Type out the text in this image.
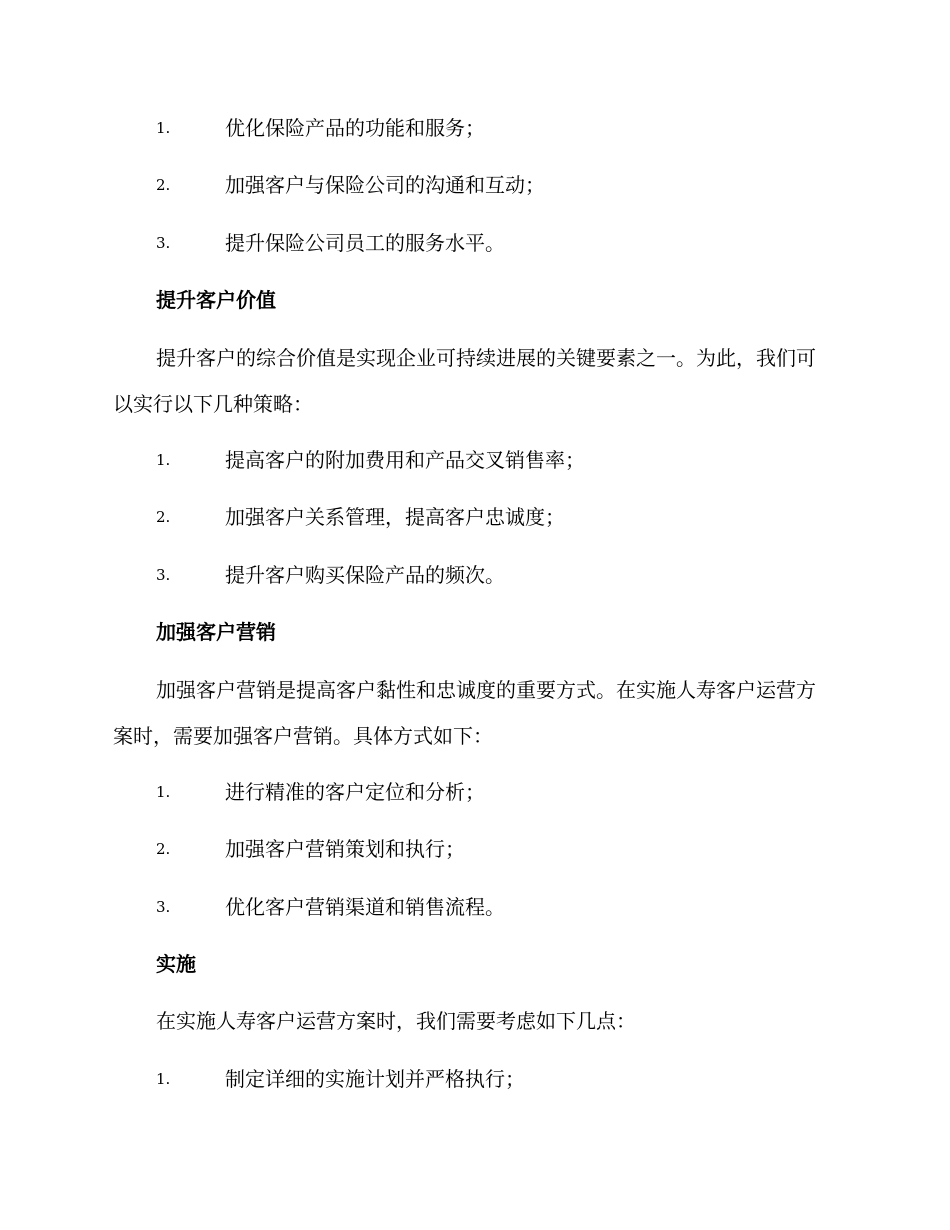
1.	优化保险产品的功能和服务；
2.	加强客户与保险公司的沟通和互动；
3.	提升保险公司员工的服务水平。
提升客户价值
提升客户的综合价值是实现企业可持续进展的关键要素之一。为此，我们可以实行以下几种策略：
1.	提高客户的附加费用和产品交叉销售率；
2.	加强客户关系管理，提高客户忠诚度；
3.	提升客户购买保险产品的频次。
加强客户营销
加强客户营销是提高客户黏性和忠诚度的重要方式。在实施人寿客户运营方案时，需要加强客户营销。具体方式如下：
1.	进行精准的客户定位和分析；
2.	加强客户营销策划和执行；
3.	优化客户营销渠道和销售流程。
实施
在实施人寿客户运营方案时，我们需要考虑如下几点：
1.	制定详细的实施计划并严格执行；
